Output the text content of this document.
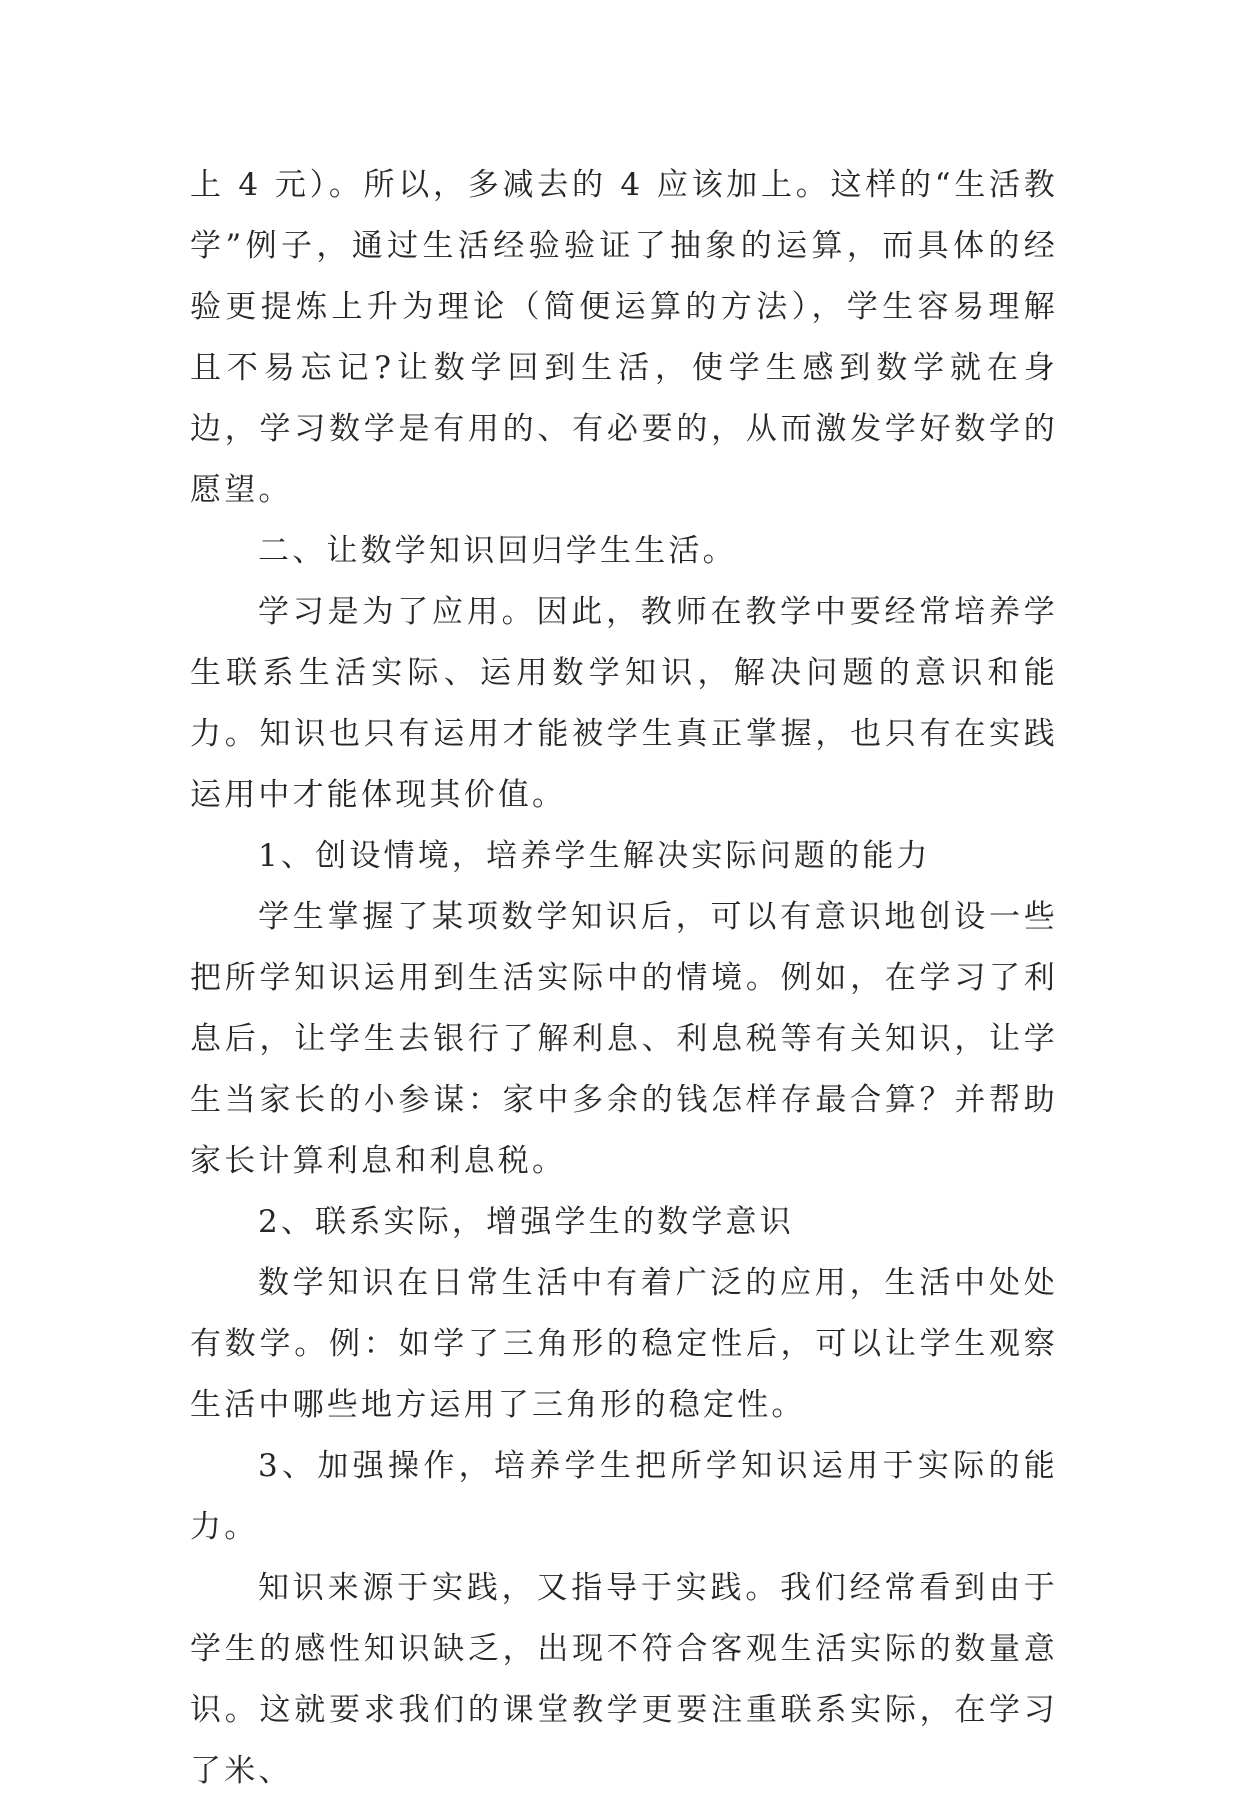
上 4 元）。所以，多减去的 4 应该加上。这样的“生活教学”例子，通过生活经验验证了抽象的运算，而具体的经验更提炼上升为理论（简便运算的方法），学生容易理解且不易忘记?让数学回到生活，使学生感到数学就在身边，学习数学是有用的、有必要的，从而激发学好数学的愿望。

二、让数学知识回归学生生活。

学习是为了应用。因此，教师在教学中要经常培养学生联系生活实际、运用数学知识，解决问题的意识和能力。知识也只有运用才能被学生真正掌握，也只有在实践运用中才能体现其价值。

1、创设情境，培养学生解决实际问题的能力

学生掌握了某项数学知识后，可以有意识地创设一些把所学知识运用到生活实际中的情境。例如，在学习了利息后，让学生去银行了解利息、利息税等有关知识，让学生当家长的小参谋：家中多余的钱怎样存最合算？并帮助家长计算利息和利息税。

2、联系实际，增强学生的数学意识

数学知识在日常生活中有着广泛的应用，生活中处处有数学。例：如学了三角形的稳定性后，可以让学生观察生活中哪些地方运用了三角形的稳定性。

3、加强操作，培养学生把所学知识运用于实际的能力。

知识来源于实践，又指导于实践。我们经常看到由于学生的感性知识缺乏，出现不符合客观生活实际的数量意识。这就要求我们的课堂教学更要注重联系实际，在学习了米、
